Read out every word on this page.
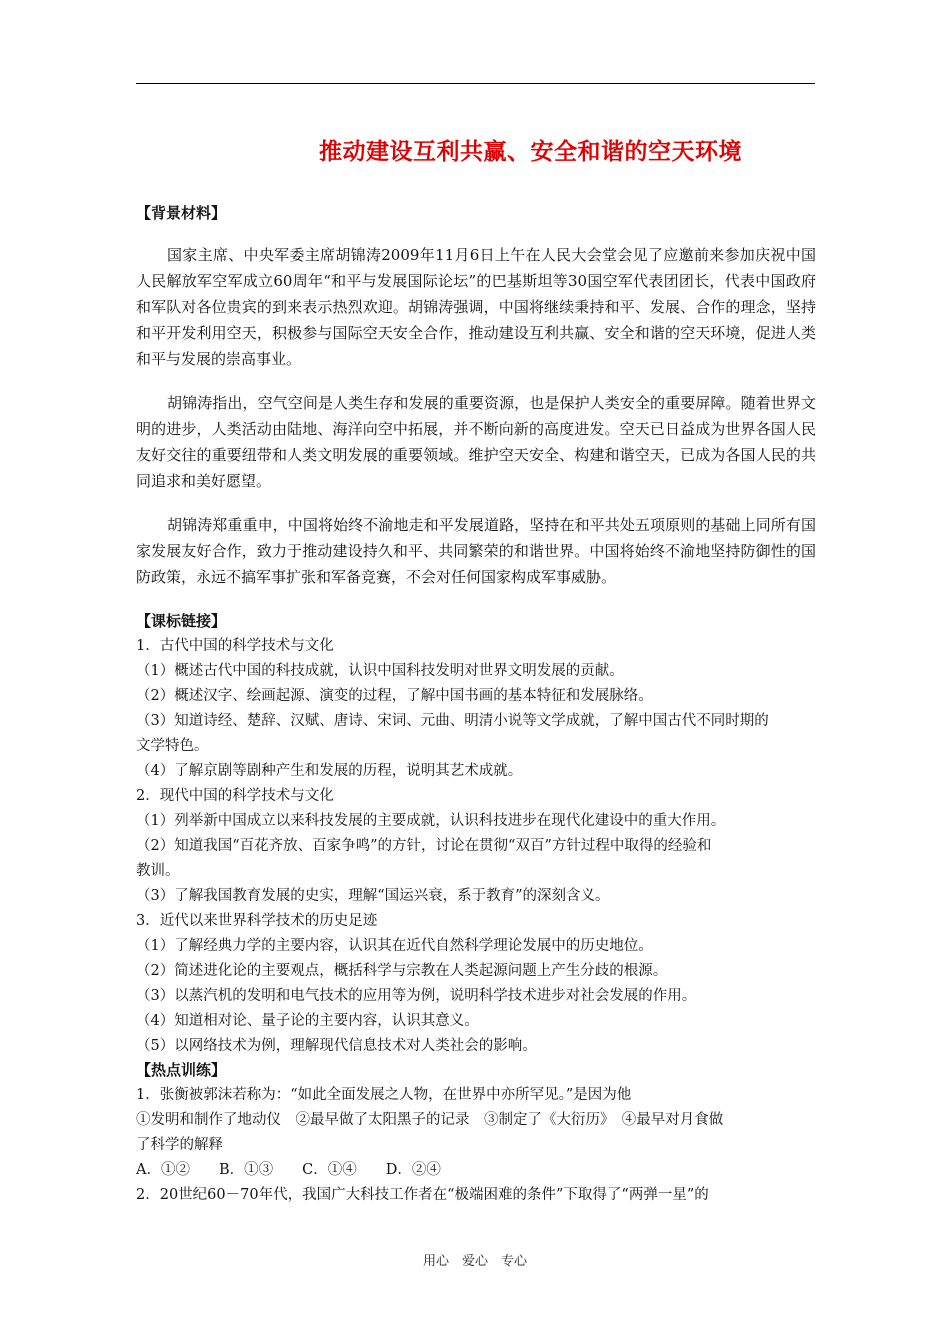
推动建设互利共赢、安全和谐的空天环境
【背景材料】

国家主席、中央军委主席胡锦涛2009年11月6日上午在人民大会堂会见了应邀前来参加庆祝中国人民解放军空军成立60周年“和平与发展国际论坛”的巴基斯坦等30国空军代表团团长，代表中国政府和军队对各位贵宾的到来表示热烈欢迎。胡锦涛强调，中国将继续秉持和平、发展、合作的理念，坚持和平开发利用空天，积极参与国际空天安全合作，推动建设互利共赢、安全和谐的空天环境，促进人类和平与发展的崇高事业。

胡锦涛指出，空气空间是人类生存和发展的重要资源，也是保护人类安全的重要屏障。随着世界文明的进步，人类活动由陆地、海洋向空中拓展，并不断向新的高度进发。空天已日益成为世界各国人民友好交往的重要纽带和人类文明发展的重要领域。维护空天安全、构建和谐空天，已成为各国人民的共同追求和美好愿望。

胡锦涛郑重重申，中国将始终不渝地走和平发展道路，坚持在和平共处五项原则的基础上同所有国家发展友好合作，致力于推动建设持久和平、共同繁荣的和谐世界。中国将始终不渝地坚持防御性的国防政策，永远不搞军事扩张和军备竞赛，不会对任何国家构成军事威胁。

【课标链接】
1．古代中国的科学技术与文化
（1）概述古代中国的科技成就，认识中国科技发明对世界文明发展的贡献。
（2）概述汉字、绘画起源、演变的过程，了解中国书画的基本特征和发展脉络。
（3）知道诗经、楚辞、汉赋、唐诗、宋词、元曲、明清小说等文学成就，了解中国古代不同时期的
文学特色。
（4）了解京剧等剧种产生和发展的历程，说明其艺术成就。
2．现代中国的科学技术与文化
（1）列举新中国成立以来科技发展的主要成就，认识科技进步在现代化建设中的重大作用。
（2）知道我国“百花齐放、百家争鸣”的方针，讨论在贯彻“双百”方针过程中取得的经验和
教训。
（3）了解我国教育发展的史实，理解“国运兴衰，系于教育”的深刻含义。
3．近代以来世界科学技术的历史足迹
（1）了解经典力学的主要内容，认识其在近代自然科学理论发展中的历史地位。
（2）简述进化论的主要观点，概括科学与宗教在人类起源问题上产生分歧的根源。
（3）以蒸汽机的发明和电气技术的应用等为例，说明科学技术进步对社会发展的作用。
（4）知道相对论、量子论的主要内容，认识其意义。
（5）以网络技术为例，理解现代信息技术对人类社会的影响。
【热点训练】
1．张衡被郭沫若称为：“如此全面发展之人物，在世界中亦所罕见。”是因为他
①发明和制作了地动仪　②最早做了太阳黑子的记录　③制定了《大衍历》　④最早对月食做
了科学的解释
A．①②　　B．①③　　C．①④　　D．②④
2．20世纪60－70年代，我国广大科技工作者在“极端困难的条件”下取得了“两弹一星”的
用心　爱心　专心
